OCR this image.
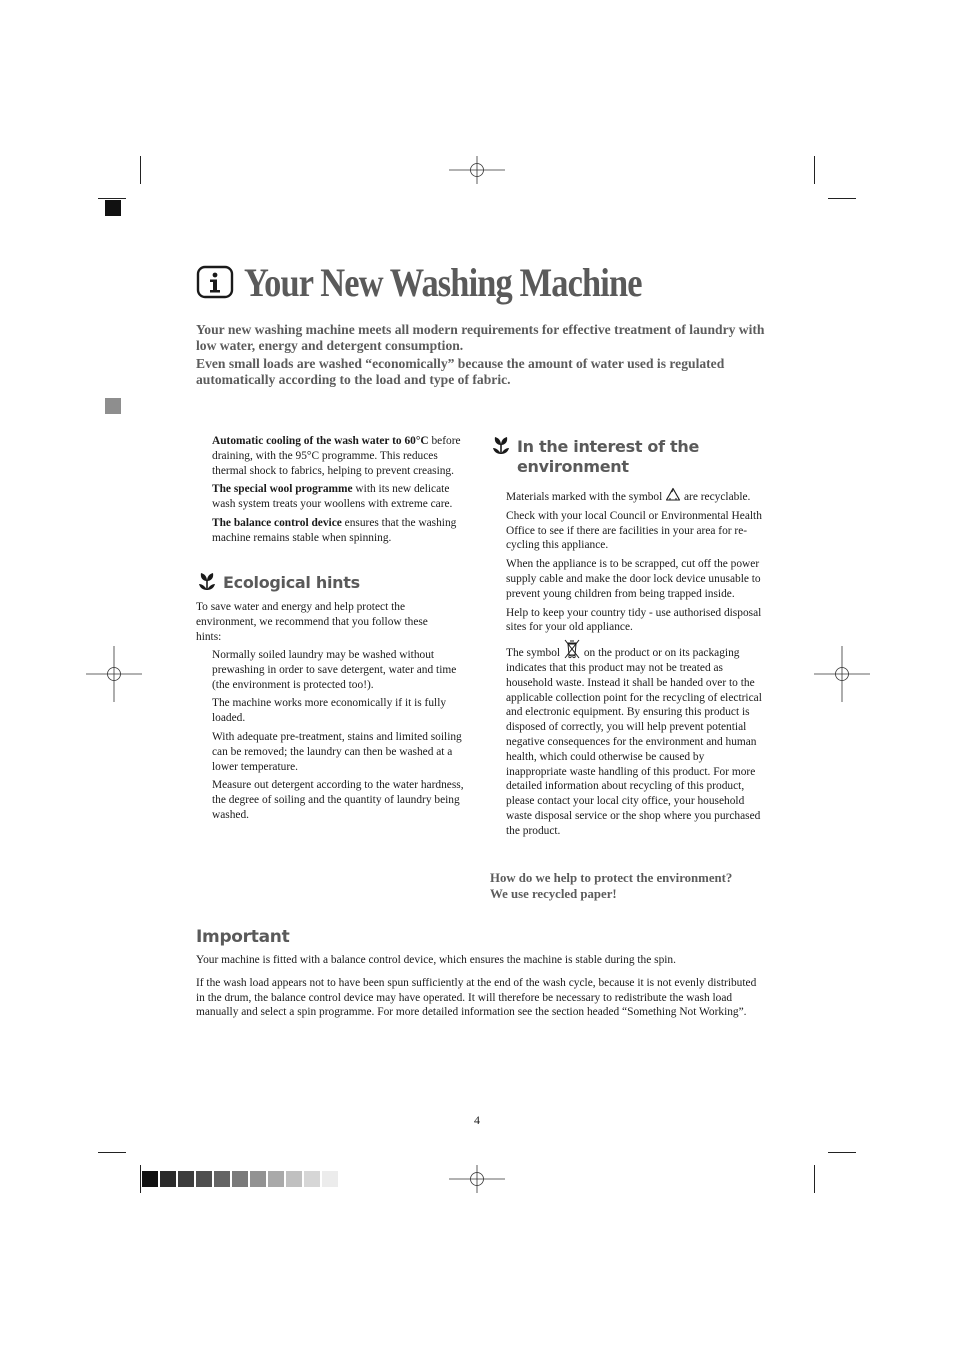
Your New Washing Machine

Your new washing machine meets all modern requirements for effective treatment of laundry with low water, energy and detergent consumption.

Even small loads are washed “economically” because the amount of water used is regulated automatically according to the load and type of fabric.

Automatic cooling of the wash water to 60°C before draining, with the 95°C programme. This reduces thermal shock to fabrics, helping to prevent creasing.

The special wool programme with its new delicate wash system treats your woollens with extreme care.

The balance control device ensures that the washing machine remains stable when spinning.

Ecological hints

To save water and energy and help protect the environment, we recommend that you follow these hints:

Normally soiled laundry may be washed without prewashing in order to save detergent, water and time (the environment is protected too!).

The machine works more economically if it is fully loaded.

With adequate pre-treatment, stains and limited soiling can be removed; the laundry can then be washed at a lower temperature.

Measure out detergent according to the water hardness, the degree of soiling and the quantity of laundry being washed.

In the interest of the
environment

Materials marked with the symbol are recyclable.

Check with your local Council or Environmental Health Office to see if there are facilities in your area for re-cycling this appliance.

When the appliance is to be scrapped, cut off the power supply cable and make the door lock device unusable to prevent young children from being trapped inside.

Help to keep your country tidy - use authorised disposal sites for your old appliance.

The symbol on the product or on its packaging indicates that this product may not be treated as household waste. Instead it shall be handed over to the applicable collection point for the recycling of electrical and electronic equipment. By ensuring this product is disposed of correctly, you will help prevent potential negative consequences for the environment and human health, which could otherwise be caused by inappropriate waste handling of this product. For more detailed information about recycling of this product, please contact your local city office, your household waste disposal service or the shop where you purchased the product.

How do we help to protect the environment?
We use recycled paper!
Important

Your machine is fitted with a balance control device, which ensures the machine is stable during the spin.

If the wash load appears not to have been spun sufficiently at the end of the wash cycle, because it is not evenly distributed in the drum, the balance control device may have operated. It will therefore be necessary to redistribute the wash load manually and select a spin programme. For more detailed information see the section headed “Something Not Working”.

4
